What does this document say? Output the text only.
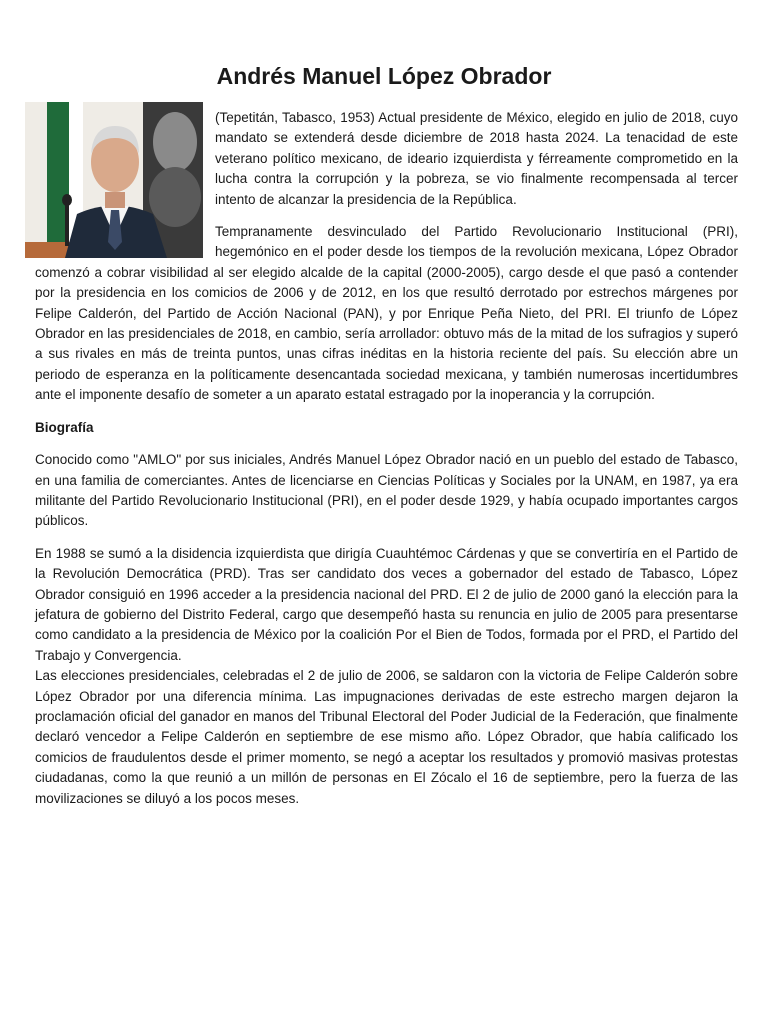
Andrés Manuel López Obrador

(Tepetitán, Tabasco, 1953) Actual presidente de México, elegido en julio de 2018, cuyo mandato se extenderá desde diciembre de 2018 hasta 2024. La tenacidad de este veterano político mexicano, de ideario izquierdista y férreamente comprometido en la lucha contra la corrupción y la pobreza, se vio finalmente recompensada al tercer intento de alcanzar la presidencia de la República.

Tempranamente desvinculado del Partido Revolucionario Institucional (PRI), hegemónico en el poder desde los tiempos de la revolución mexicana, López Obrador comenzó a cobrar visibilidad al ser elegido alcalde de la capital (2000-2005), cargo desde el que pasó a contender por la presidencia en los comicios de 2006 y de 2012, en los que resultó derrotado por estrechos márgenes por Felipe Calderón, del Partido de Acción Nacional (PAN), y por Enrique Peña Nieto, del PRI. El triunfo de López Obrador en las presidenciales de 2018, en cambio, sería arrollador: obtuvo más de la mitad de los sufragios y superó a sus rivales en más de treinta puntos, unas cifras inéditas en la historia reciente del país. Su elección abre un periodo de esperanza en la políticamente desencantada sociedad mexicana, y también numerosas incertidumbres ante el imponente desafío de someter a un aparato estatal estragado por la inoperancia y la corrupción.

Biografía

Conocido como "AMLO" por sus iniciales, Andrés Manuel López Obrador nació en un pueblo del estado de Tabasco, en una familia de comerciantes. Antes de licenciarse en Ciencias Políticas y Sociales por la UNAM, en 1987, ya era militante del Partido Revolucionario Institucional (PRI), en el poder desde 1929, y había ocupado importantes cargos públicos.

En 1988 se sumó a la disidencia izquierdista que dirigía Cuauhtémoc Cárdenas y que se convertiría en el Partido de la Revolución Democrática (PRD). Tras ser candidato dos veces a gobernador del estado de Tabasco, López Obrador consiguió en 1996 acceder a la presidencia nacional del PRD. El 2 de julio de 2000 ganó la elección para la jefatura de gobierno del Distrito Federal, cargo que desempeñó hasta su renuncia en julio de 2005 para presentarse como candidato a la presidencia de México por la coalición Por el Bien de Todos, formada por el PRD, el Partido del Trabajo y Convergencia.

Las elecciones presidenciales, celebradas el 2 de julio de 2006, se saldaron con la victoria de Felipe Calderón sobre López Obrador por una diferencia mínima. Las impugnaciones derivadas de este estrecho margen dejaron la proclamación oficial del ganador en manos del Tribunal Electoral del Poder Judicial de la Federación, que finalmente declaró vencedor a Felipe Calderón en septiembre de ese mismo año. López Obrador, que había calificado los comicios de fraudulentos desde el primer momento, se negó a aceptar los resultados y promovió masivas protestas ciudadanas, como la que reunió a un millón de personas en El Zócalo el 16 de septiembre, pero la fuerza de las movilizaciones se diluyó a los pocos meses.
